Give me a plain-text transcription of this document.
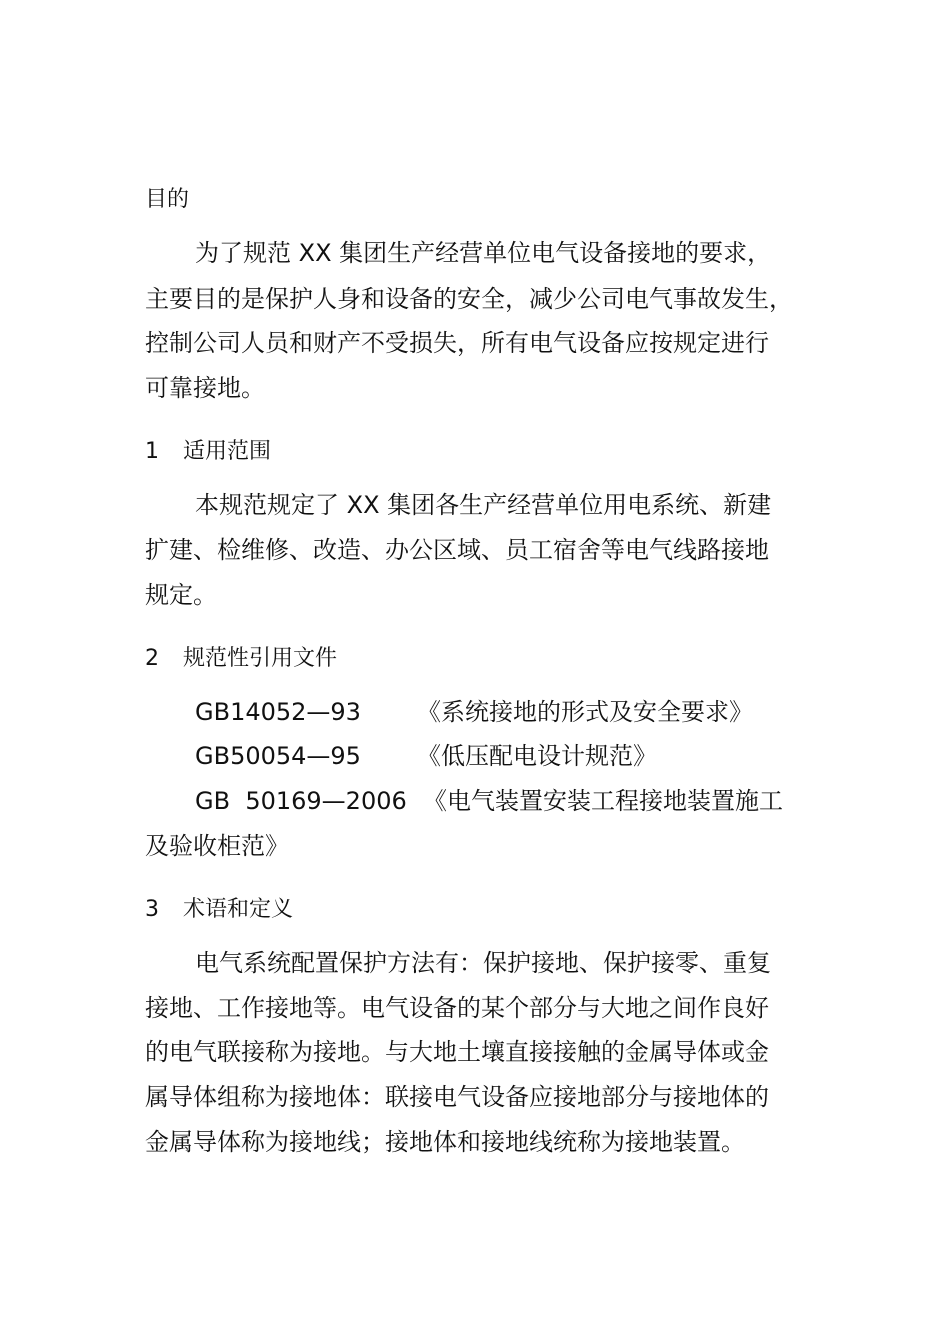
目的
为了规范 XX 集团生产经营单位电气设备接地的要求，
主要目的是保护人身和设备的安全，减少公司电气事故发生，
控制公司人员和财产不受损失，所有电气设备应按规定进行
可靠接地。
1 适用范围
本规范规定了 XX 集团各生产经营单位用电系统、新建
扩建、检维修、改造、办公区域、员工宿舍等电气线路接地
规定。
2 规范性引用文件
GB14052—93 《系统接地的形式及安全要求》
GB50054—95 《低压配电设计规范》
GB  50169—2006 《电气装置安装工程接地装置施工
及验收柜范》
3 术语和定义
电气系统配置保护方法有：保护接地、保护接零、重复
接地、工作接地等。电气设备的某个部分与大地之间作良好
的电气联接称为接地。与大地土壤直接接触的金属导体或金
属导体组称为接地体：联接电气设备应接地部分与接地体的
金属导体称为接地线；接地体和接地线统称为接地装置。
